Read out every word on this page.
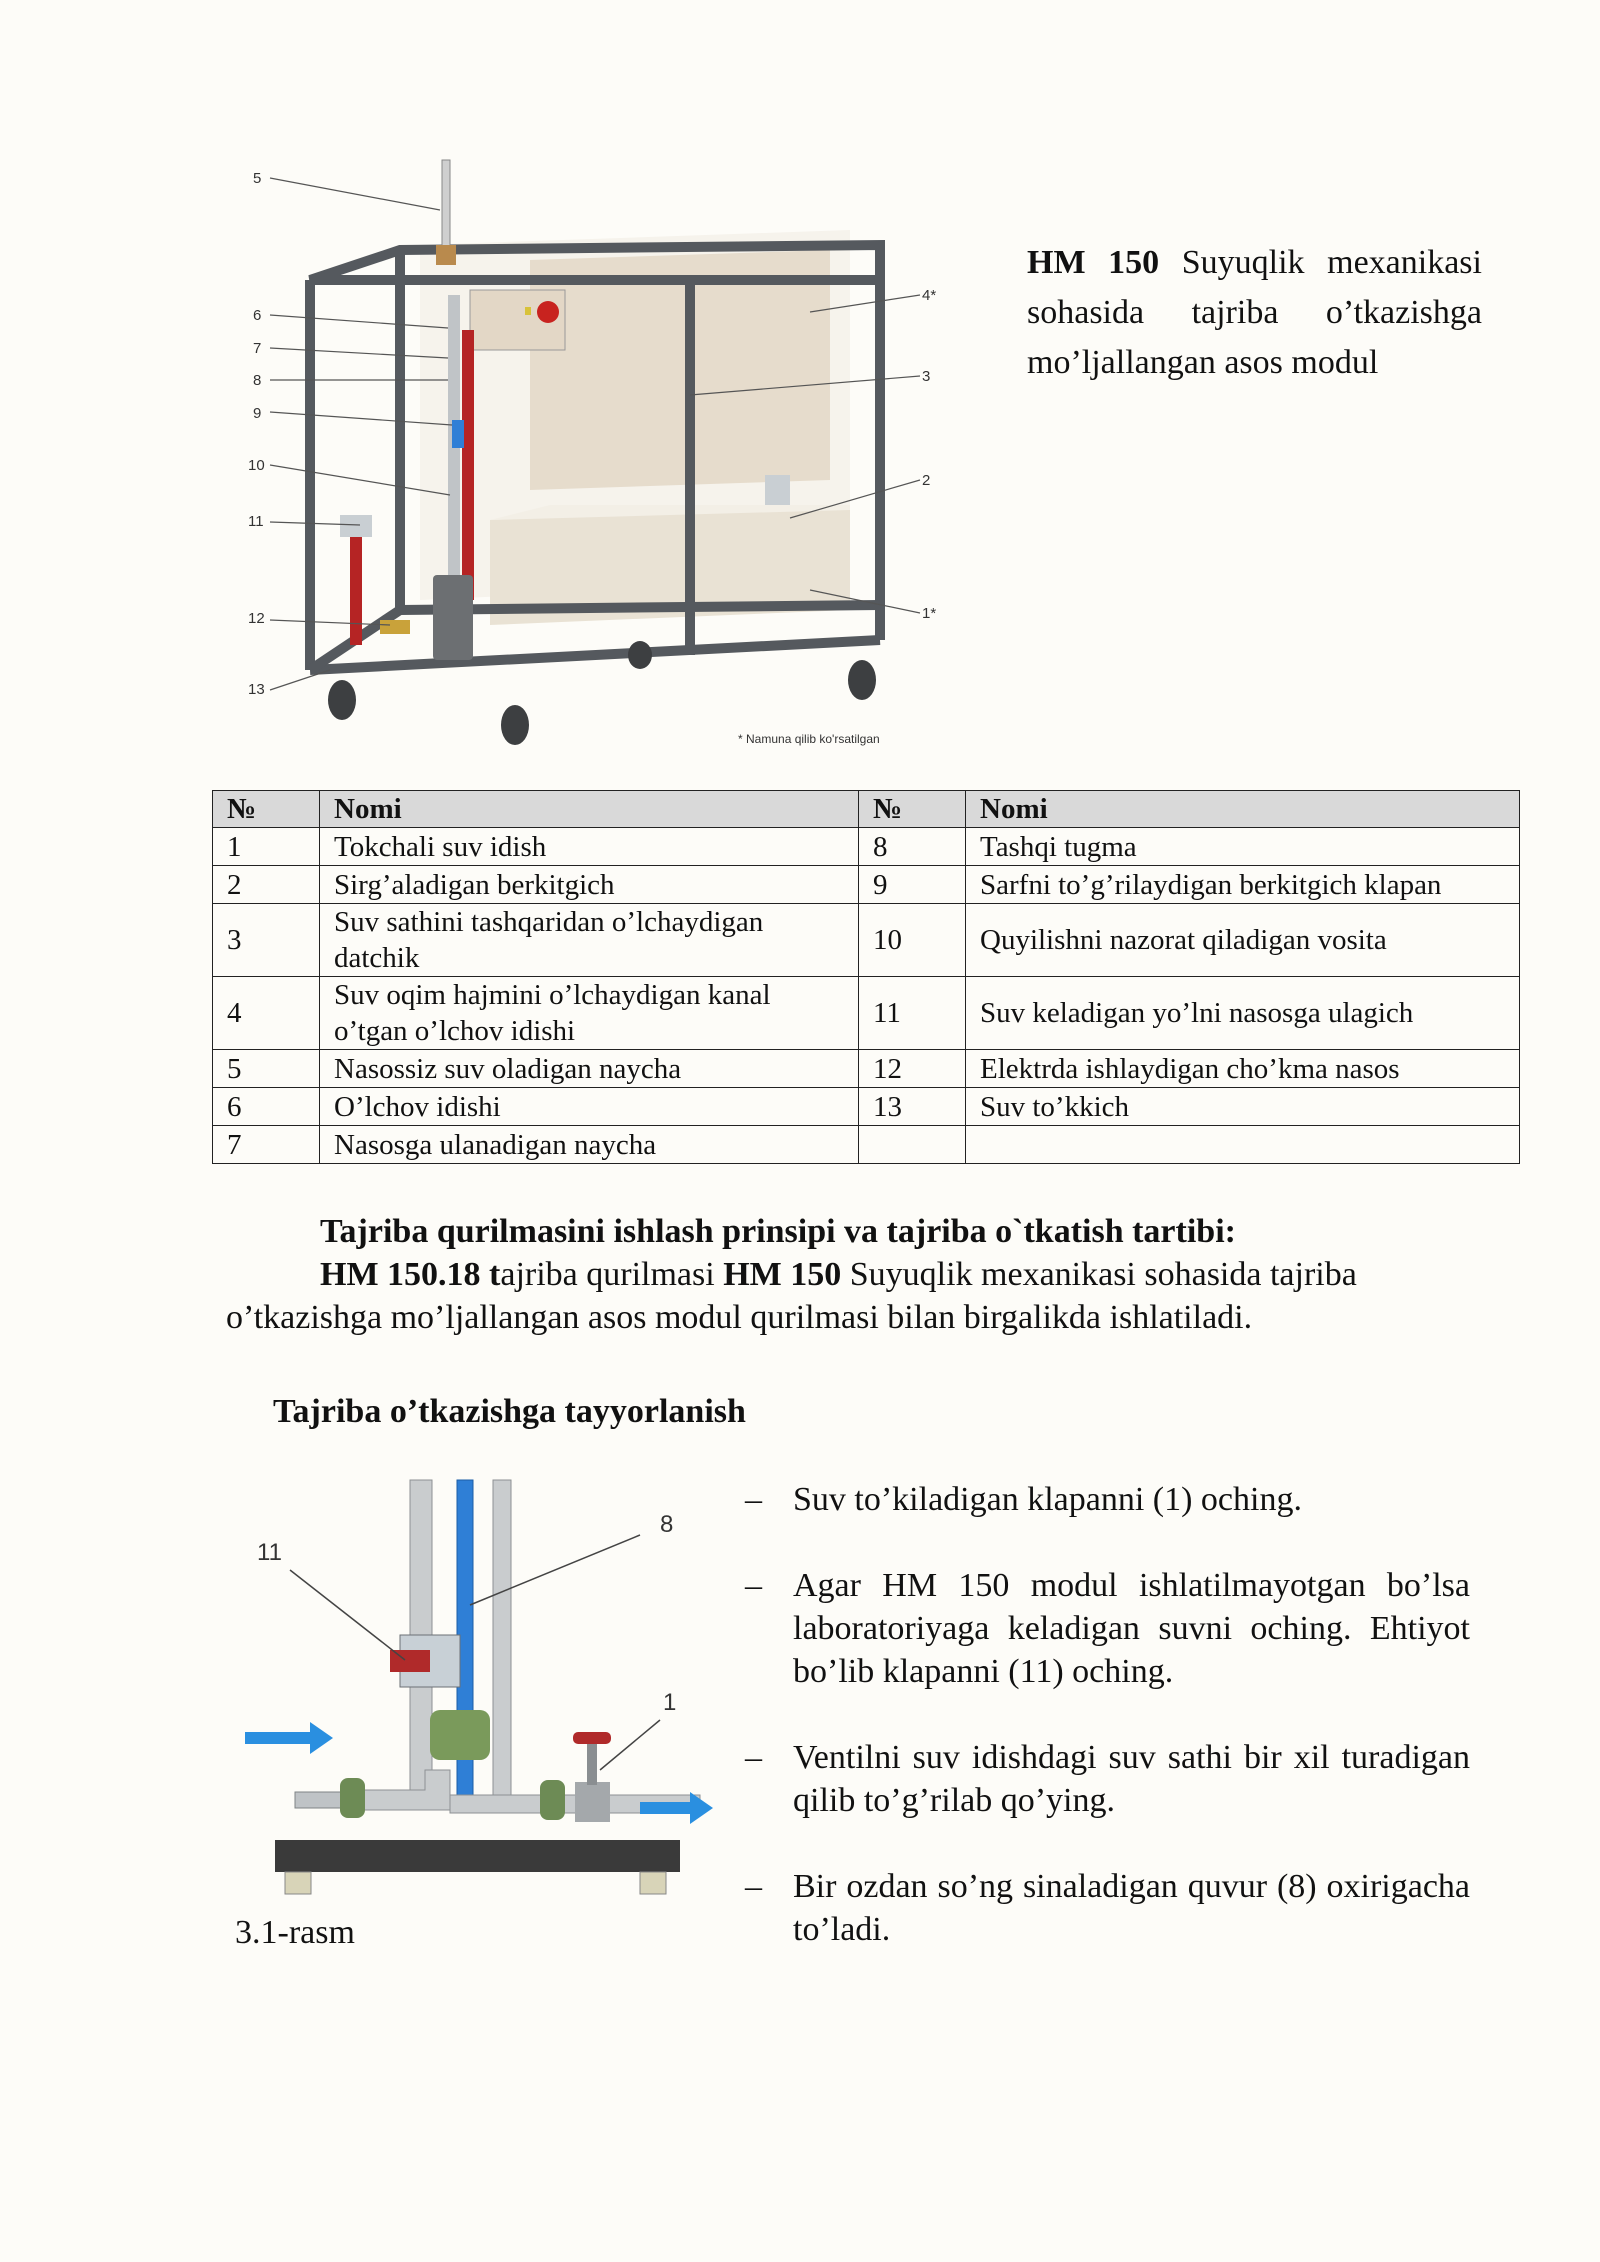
5
6
7
8
9
10
11
12
13
4*
3
2
1*
* Namuna qilib ko'rsatilgan
HM 150 Suyuqlik mexanikasi sohasida tajriba o’tkazishga mo’ljallangan asos modul
№	Nomi	№	Nomi
1	Tokchali suv idish	8	Tashqi tugma
2	Sirg’aladigan berkitgich	9	Sarfni to’g’rilaydigan berkitgich klapan
3	Suv sathini tashqaridan o’lchaydigan datchik	10	Quyilishni nazorat qiladigan vosita
4	Suv oqim hajmini o’lchaydigan kanal o’tgan o’lchov idishi	11	Suv keladigan yo’lni nasosga ulagich
5	Nasossiz suv oladigan naycha	12	Elektrda ishlaydigan cho’kma nasos
6	O’lchov idishi	13	Suv to’kkich
7	Nasosga ulanadigan naycha		
Tajriba qurilmasini ishlash prinsipi va tajriba o`tkatish tartibi:
HM 150.18 tajriba qurilmasi HM 150 Suyuqlik mexanikasi sohasida tajriba
o’tkazishga mo’ljallangan asos modul qurilmasi bilan birgalikda ishlatiladi.
Tajriba o’tkazishga tayyorlanish
11
8
1
3.1-rasm
– Suv to’kiladigan klapanni (1) oching.
– Agar HM 150 modul ishlatilmayotgan bo’lsa laboratoriyaga keladigan suvni oching. Ehtiyot bo’lib klapanni (11) oching.
– Ventilni suv idishdagi suv sathi bir xil turadigan qilib to’g’rilab qo’ying.
– Bir ozdan so’ng sinaladigan quvur (8) oxirigacha to’ladi.
